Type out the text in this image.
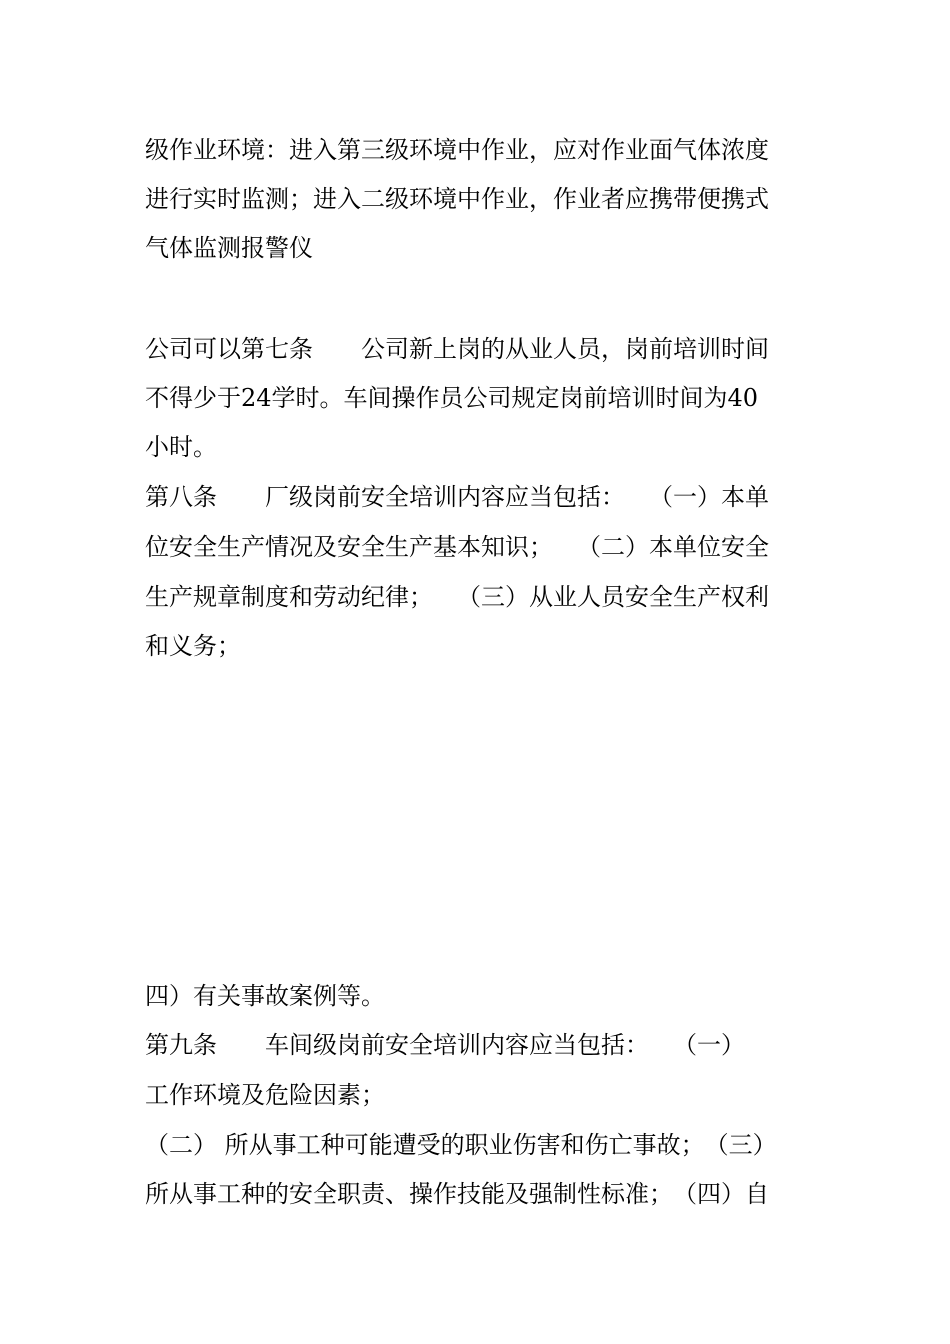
级作业环境：进入第三级环境中作业，应对作业面气体浓度
进行实时监测；进入二级环境中作业，作业者应携带便携式
气体监测报警仪
公司可以第七条　　公司新上岗的从业人员，岗前培训时间
不得少于24学时。车间操作员公司规定岗前培训时间为40
小时。
第八条　　厂级岗前安全培训内容应当包括：　　（一）本单
位安全生产情况及安全生产基本知识；　　（二）本单位安全
生产规章制度和劳动纪律；　　（三）从业人员安全生产权利
和义务；
四）有关事故案例等。
第九条　　车间级岗前安全培训内容应当包括：　　（一）
工作环境及危险因素；
（二） 所从事工种可能遭受的职业伤害和伤亡事故；　（三）
所从事工种的安全职责、操作技能及强制性标准；　（四）自
